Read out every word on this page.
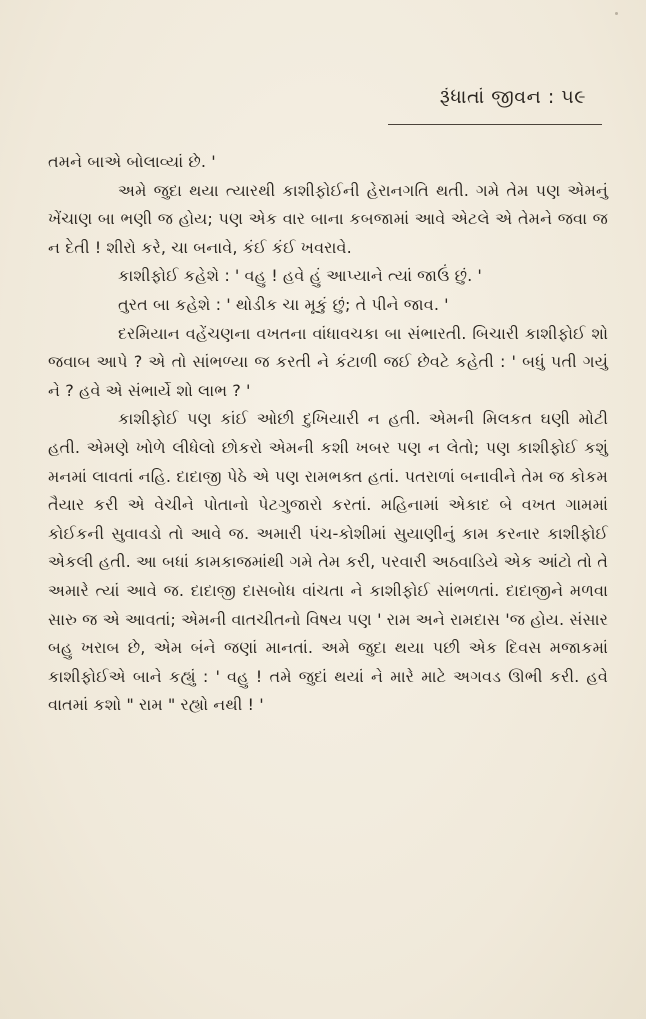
રૂંધાતાં જીવન : ૫૯

તમને બાએ બોલાવ્યાં છે. '

અમે જુદા થયા ત્યારથી કાશીફોઈની હેરાનગતિ થતી. ગમે તેમ પણ એમનું ખેંચાણ બા ભણી જ હોય; પણ એક વાર બાના કબજામાં આવે એટલે એ તેમને જવા જ ન દેતી ! શીરો કરે, ચા બનાવે, કંઈ કંઈ ખવરાવે.

કાશીફોઈ કહેશે : ' વહુ ! હવે હું આપ્યાને ત્યાં જાઉં છું. '

તુરત બા કહેશે : ' થોડીક ચા મૂકું છું; તે પીને જાવ. '

દરમિયાન વહેંચણના વખતના વાંધાવચકા બા સંભારતી. બિચારી કાશીફોઈ શો જવાબ આપે ? એ તો સાંભળ્યા જ કરતી ને કંટાળી જઈ છેવટે કહેતી : ' બધું પતી ગયું ને ? હવે એ સંભાર્યે શો લાભ ? '

કાશીફોઈ પણ કાંઈ ઓછી દુખિયારી ન હતી. એમની મિલકત ઘણી મોટી હતી. એમણે ખોળે લીધેલો છોકરો એમની કશી ખબર પણ ન લેતો; પણ કાશીફોઈ કશું મનમાં લાવતાં નહિ. દાદાજી પેઠે એ પણ રામભક્ત હતાં. પતરાળાં બનાવીને તેમ જ કોકમ તૈયાર કરી એ વેચીને પોતાનો પેટગુજારો કરતાં. મહિનામાં એકાદ બે વખત ગામમાં કોઈકની સુવાવડો તો આવે જ. અમારી પંચ-કોશીમાં સુયાણીનું કામ કરનાર કાશીફોઈ એકલી હતી. આ બધાં કામકાજમાંથી ગમે તેમ કરી, પરવારી અઠવાડિયે એક આંટો તો તે અમારે ત્યાં આવે જ. દાદાજી દાસબોધ વાંચતા ને કાશીફોઈ સાંભળતાં. દાદાજીને મળવા સારુ જ એ આવતાં; એમની વાતચીતનો વિષય પણ ' રામ અને રામદાસ 'જ હોય. સંસાર બહુ ખરાબ છે, એમ બંને જણાં માનતાં. અમે જુદા થયા પછી એક દિવસ મજાકમાં કાશીફોઈએ બાને કહ્યું : ' વહુ ! તમે જુદાં થયાં ને મારે માટે અગવડ ઊભી કરી. હવે વાતમાં કશો " રામ " રહ્યો નથી ! '
